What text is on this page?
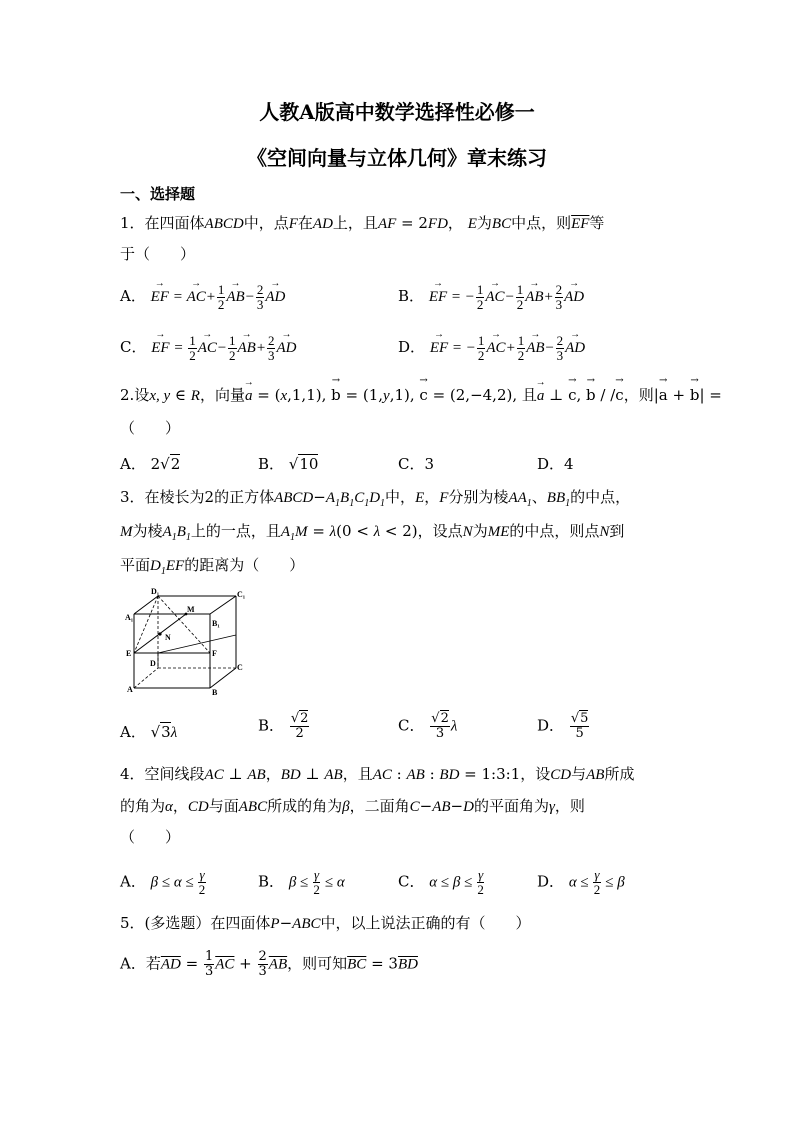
人教A版高中数学选择性必修一
《空间向量与立体几何》章末练习
一、选择题
1．在四面体ABCD中，点F在AD上，且AF = 2FD， E为BC中点，则$\overline{EF}$等
于（　　）
A． → EF = → $AC+ \frac{1}{2} \to AB- \frac{2}{3}$ → AD	B． → EF = − $\frac{1}{2} \to AC- \frac{1}{2} \to AB+ \frac{2}{3}$ → AD
C． → EF = $\frac{1}{2} \to AC- \frac{1}{2} \to AB+ \frac{2}{3}$ → AD	D． → EF = − $\frac{1}{2} \to AC+ \frac{1}{2} \to AB- \frac{2}{3}$ → AD
2.设x, y ∈ R，向量→ a = (x,1,1), → b = (1,y,1), → c = (2,−4,2), 且→ a ⊥ → c, → b / /→ c，则|→ a + → b| =
（　　）
A． 2√2	B． √10	C．3	D．4
3．在棱长为2的正方体$ABCD-A_1B_1C_1D_1$中，E，F分别为棱$AA_1$、$BB_1$的中点，
M为棱$A_1B_1$上的一点，且$A_1M = \lambda(0 < \lambda < 2)$，设点N为ME的中点，则点N到
平面$D_1EF$的距离为（　　）
D₁	C₁
A₁
B₁
M
N
E	F
D	C
A	B
A． √3λ	B． $\frac{√2}{2}$	C． $\frac{√2}{3}$ λ	D． $\frac{√5}{5}$
4．空间线段AC ⊥ AB，BD ⊥ AB，且AC : AB : BD = 1:3:1，设CD与AB所成
的角为α，CD与面ABC所成的角为β，二面角C−AB−D的平面角为γ，则
（　　）
A． $\beta \le \alpha \le \frac{\gamma}{2}$	B． $\beta \le \frac{\gamma}{2} \le \alpha$	C． $\alpha \le \beta \le \frac{\gamma}{2}$	D． $\alpha \le \frac{\gamma}{2} \le \beta$
5．(多选题）在四面体P−ABC中，以上说法正确的有（　　）
A．若$\overline{AD} = \frac{1}{3} \overline{AC} + \frac{2}{3} \overline{AB}$，则可知$\overline{BC} = 3\overline{BD}$
